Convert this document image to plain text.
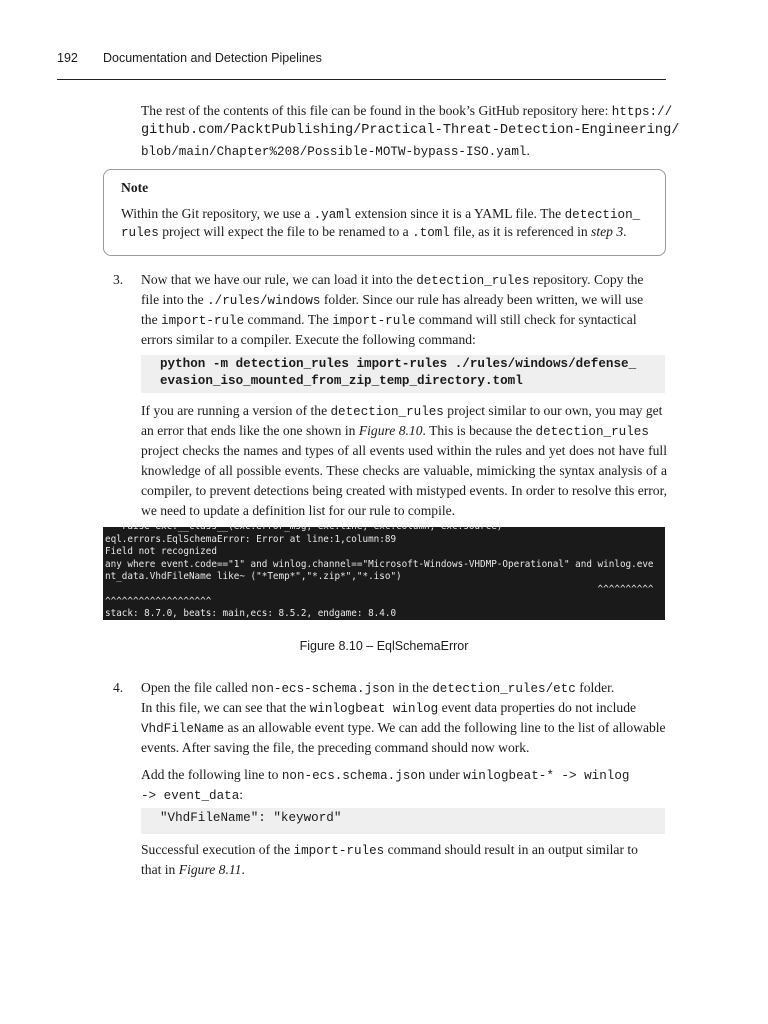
192 Documentation and Detection Pipelines
The rest of the contents of this file can be found in the book’s GitHub repository here: https://
github.com/PacktPublishing/Practical-Threat-Detection-Engineering/
blob/main/Chapter%208/Possible-MOTW-bypass-ISO.yaml.
Note
Within the Git repository, we use a .yaml extension since it is a YAML file. The detection_
rules project will expect the file to be renamed to a .toml file, as it is referenced in step 3.
3. Now that we have our rule, we can load it into the detection_rules repository. Copy the
file into the ./rules/windows folder. Since our rule has already been written, we will use
the import-rule command. The import-rule command will still check for syntactical
errors similar to a compiler. Execute the following command:
python -m detection_rules import-rules ./rules/windows/defense_
evasion_iso_mounted_from_zip_temp_directory.toml
If you are running a version of the detection_rules project similar to our own, you may get
an error that ends like the one shown in Figure 8.10. This is because the detection_rules
project checks the names and types of all events used within the rules and yet does not have full knowledge of all possible events. These checks are valuable, mimicking the syntax analysis of a compiler, to prevent detections being created with mistyped events. In order to resolve this error, we need to update a definition list for our rule to compile.
raise exc.__class__(exc.error_msg, exc.line, exc.column, exc.source)
eql.errors.EqlSchemaError: Error at line:1,column:89
Field not recognized
any where event.code=="1" and winlog.channel=="Microsoft-Windows-VHDMP-Operational" and winlog.eve
nt_data.VhdFileName like~ ("*Temp*","*.zip*","*.iso")
^^^^^^^^^^
^^^^^^^^^^^^^^^^^^^
stack: 8.7.0, beats: main,ecs: 8.5.2, endgame: 8.4.0
Figure 8.10 – EqlSchemaError
4. Open the file called non-ecs-schema.json in the detection_rules/etc folder.
In this file, we can see that the winlogbeat winlog event data properties do not include
VhdFileName as an allowable event type. We can add the following line to the list of allowable
events. After saving the file, the preceding command should now work.
Add the following line to non-ecs.schema.json under winlogbeat-* -> winlog
-> event_data:
"VhdFileName": "keyword"
Successful execution of the import-rules command should result in an output similar to
that in Figure 8.11.
